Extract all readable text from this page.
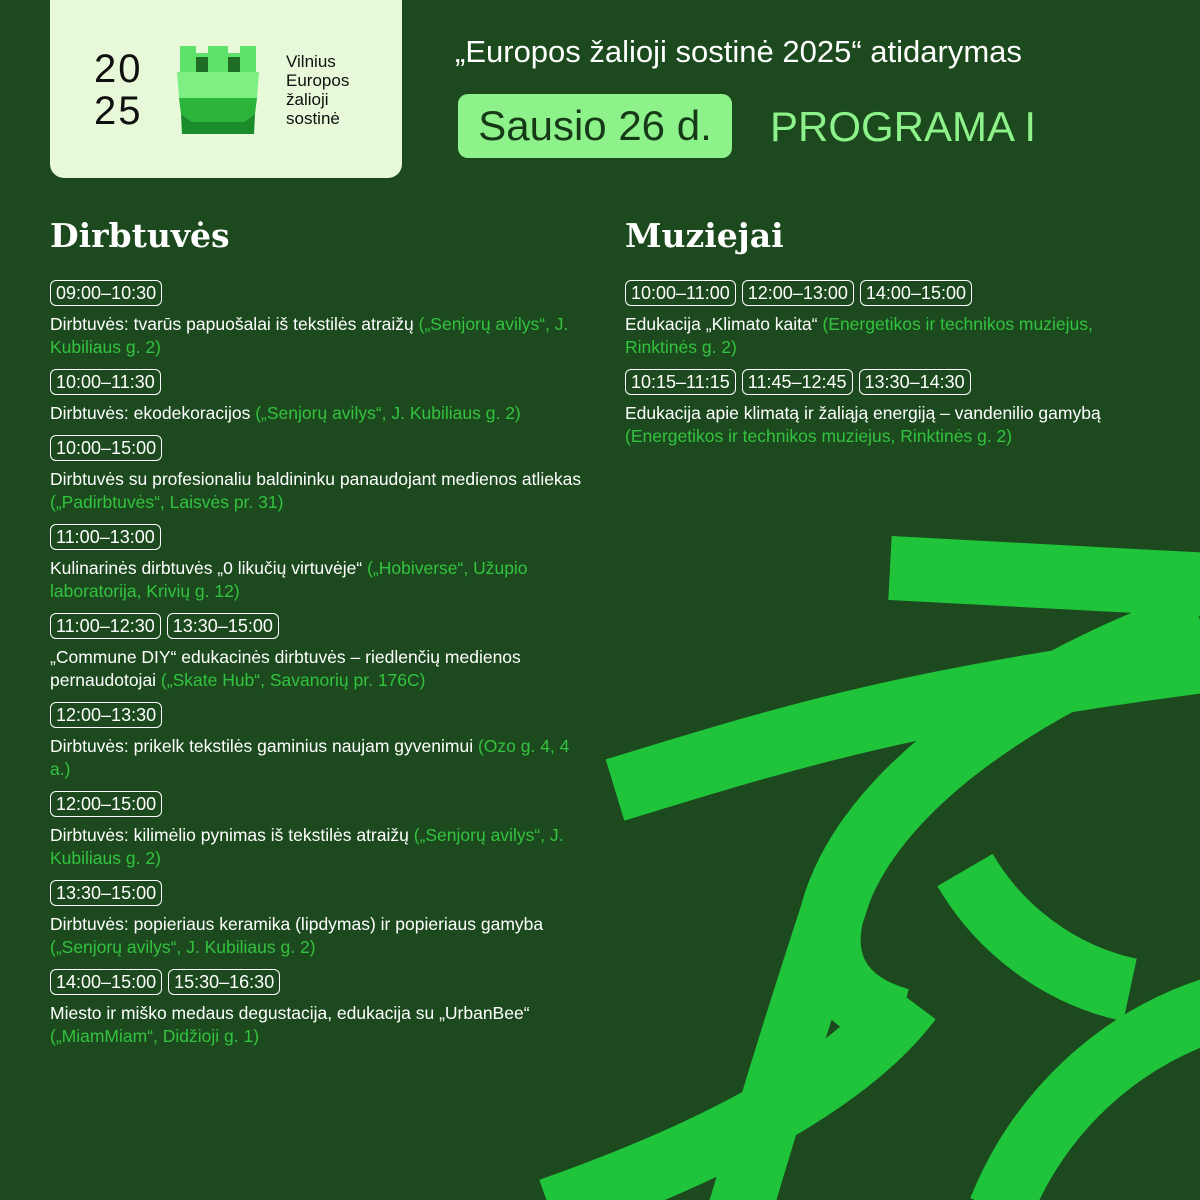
20
25
Vilnius
Europos
žalioji
sostinė
„Europos žalioji sostinė 2025“ atidarymas
Sausio 26 d.	PROGRAMA I
Dirbtuvės
09:00–10:30
Dirbtuvės: tvarūs papuošalai iš tekstilės atraižų („Senjorų avilys“, J. Kubiliaus g. 2)
10:00–11:30
Dirbtuvės: ekodekoracijos („Senjorų avilys“, J. Kubiliaus g. 2)
10:00–15:00
Dirbtuvės su profesionaliu baldininku panaudojant medienos atliekas („Padirbtuvės“, Laisvės pr. 31)
11:00–13:00
Kulinarinės dirbtuvės „0 likučių virtuvėje“ („Hobiverse“, Užupio laboratorija, Krivių g. 12)
11:00–12:30	13:30–15:00
„Commune DIY“ edukacinės dirbtuvės – riedlenčių medienos pernaudotojai („Skate Hub“, Savanorių pr. 176C)
12:00–13:30
Dirbtuvės: prikelk tekstilės gaminius naujam gyvenimui (Ozo g. 4, 4 a.)
12:00–15:00
Dirbtuvės: kilimėlio pynimas iš tekstilės atraižų („Senjorų avilys“, J. Kubiliaus g. 2)
13:30–15:00
Dirbtuvės: popieriaus keramika (lipdymas) ir popieriaus gamyba („Senjorų avilys“, J. Kubiliaus g. 2)
14:00–15:00	15:30–16:30
Miesto ir miško medaus degustacija, edukacija su „UrbanBee“ („MiamMiam“, Didžioji g. 1)
Muziejai
10:00–11:00	12:00–13:00	14:00–15:00
Edukacija „Klimato kaita“ (Energetikos ir technikos muziejus, Rinktinės g. 2)
10:15–11:15	11:45–12:45	13:30–14:30
Edukacija apie klimatą ir žaliąją energiją – vandenilio gamybą (Energetikos ir technikos muziejus, Rinktinės g. 2)
